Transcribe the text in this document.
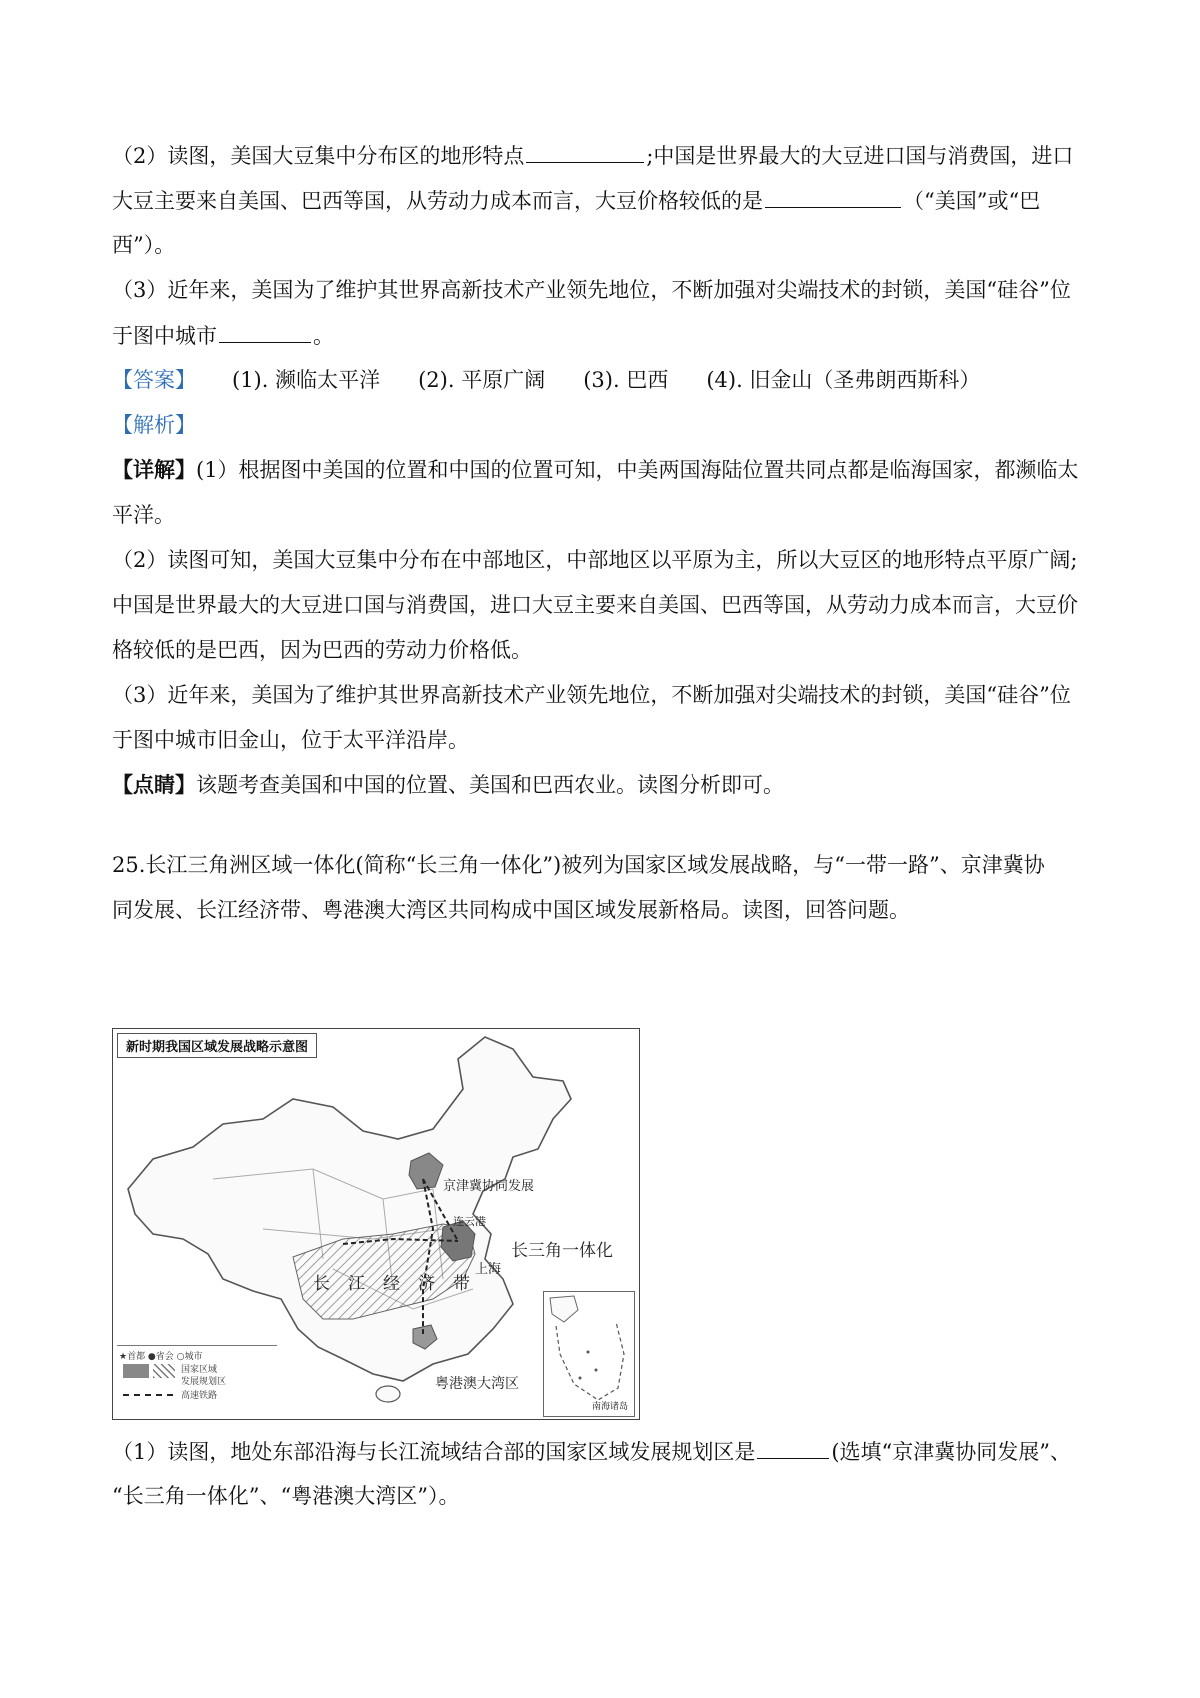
（2）读图，美国大豆集中分布区的地形特点	;中国是世界最大的大豆进口国与消费国，进口
大豆主要来自美国、巴西等国，从劳动力成本而言，大豆价格较低的是	（“美国”或“巴
西”）。
（3）近年来，美国为了维护其世界高新技术产业领先地位，不断加强对尖端技术的封锁，美国“硅谷”位
于图中城市	。
【答案】 (1). 濒临太平洋 (2). 平原广阔 (3). 巴西 (4). 旧金山（圣弗朗西斯科）
【解析】
【详解】(1）根据图中美国的位置和中国的位置可知，中美两国海陆位置共同点都是临海国家，都濒临太
平洋。
（2）读图可知，美国大豆集中分布在中部地区，中部地区以平原为主，所以大豆区的地形特点平原广阔;
中国是世界最大的大豆进口国与消费国，进口大豆主要来自美国、巴西等国，从劳动力成本而言，大豆价
格较低的是巴西，因为巴西的劳动力价格低。
（3）近年来，美国为了维护其世界高新技术产业领先地位，不断加强对尖端技术的封锁，美国“硅谷”位
于图中城市旧金山，位于太平洋沿岸。
【点睛】该题考查美国和中国的位置、美国和巴西农业。读图分析即可。
25.长江三角洲区域一体化(简称“长三角一体化”)被列为国家区域发展战略，与“一带一路”、京津冀协
同发展、长江经济带、粤港澳大湾区共同构成中国区域发展新格局。读图，回答问题。
新时期我国区域发展战略示意图
京津冀协同发展
长三角一体化
上海
连云港
长江经济带
粤港澳大湾区
★首都 ●省会 ○城市
国家区域
发展规划区
高速铁路
南海诸岛
（1）读图，地处东部沿海与长江流域结合部的国家区域发展规划区是	(选填“京津冀协同发展”、
“长三角一体化”、“粤港澳大湾区”）。
